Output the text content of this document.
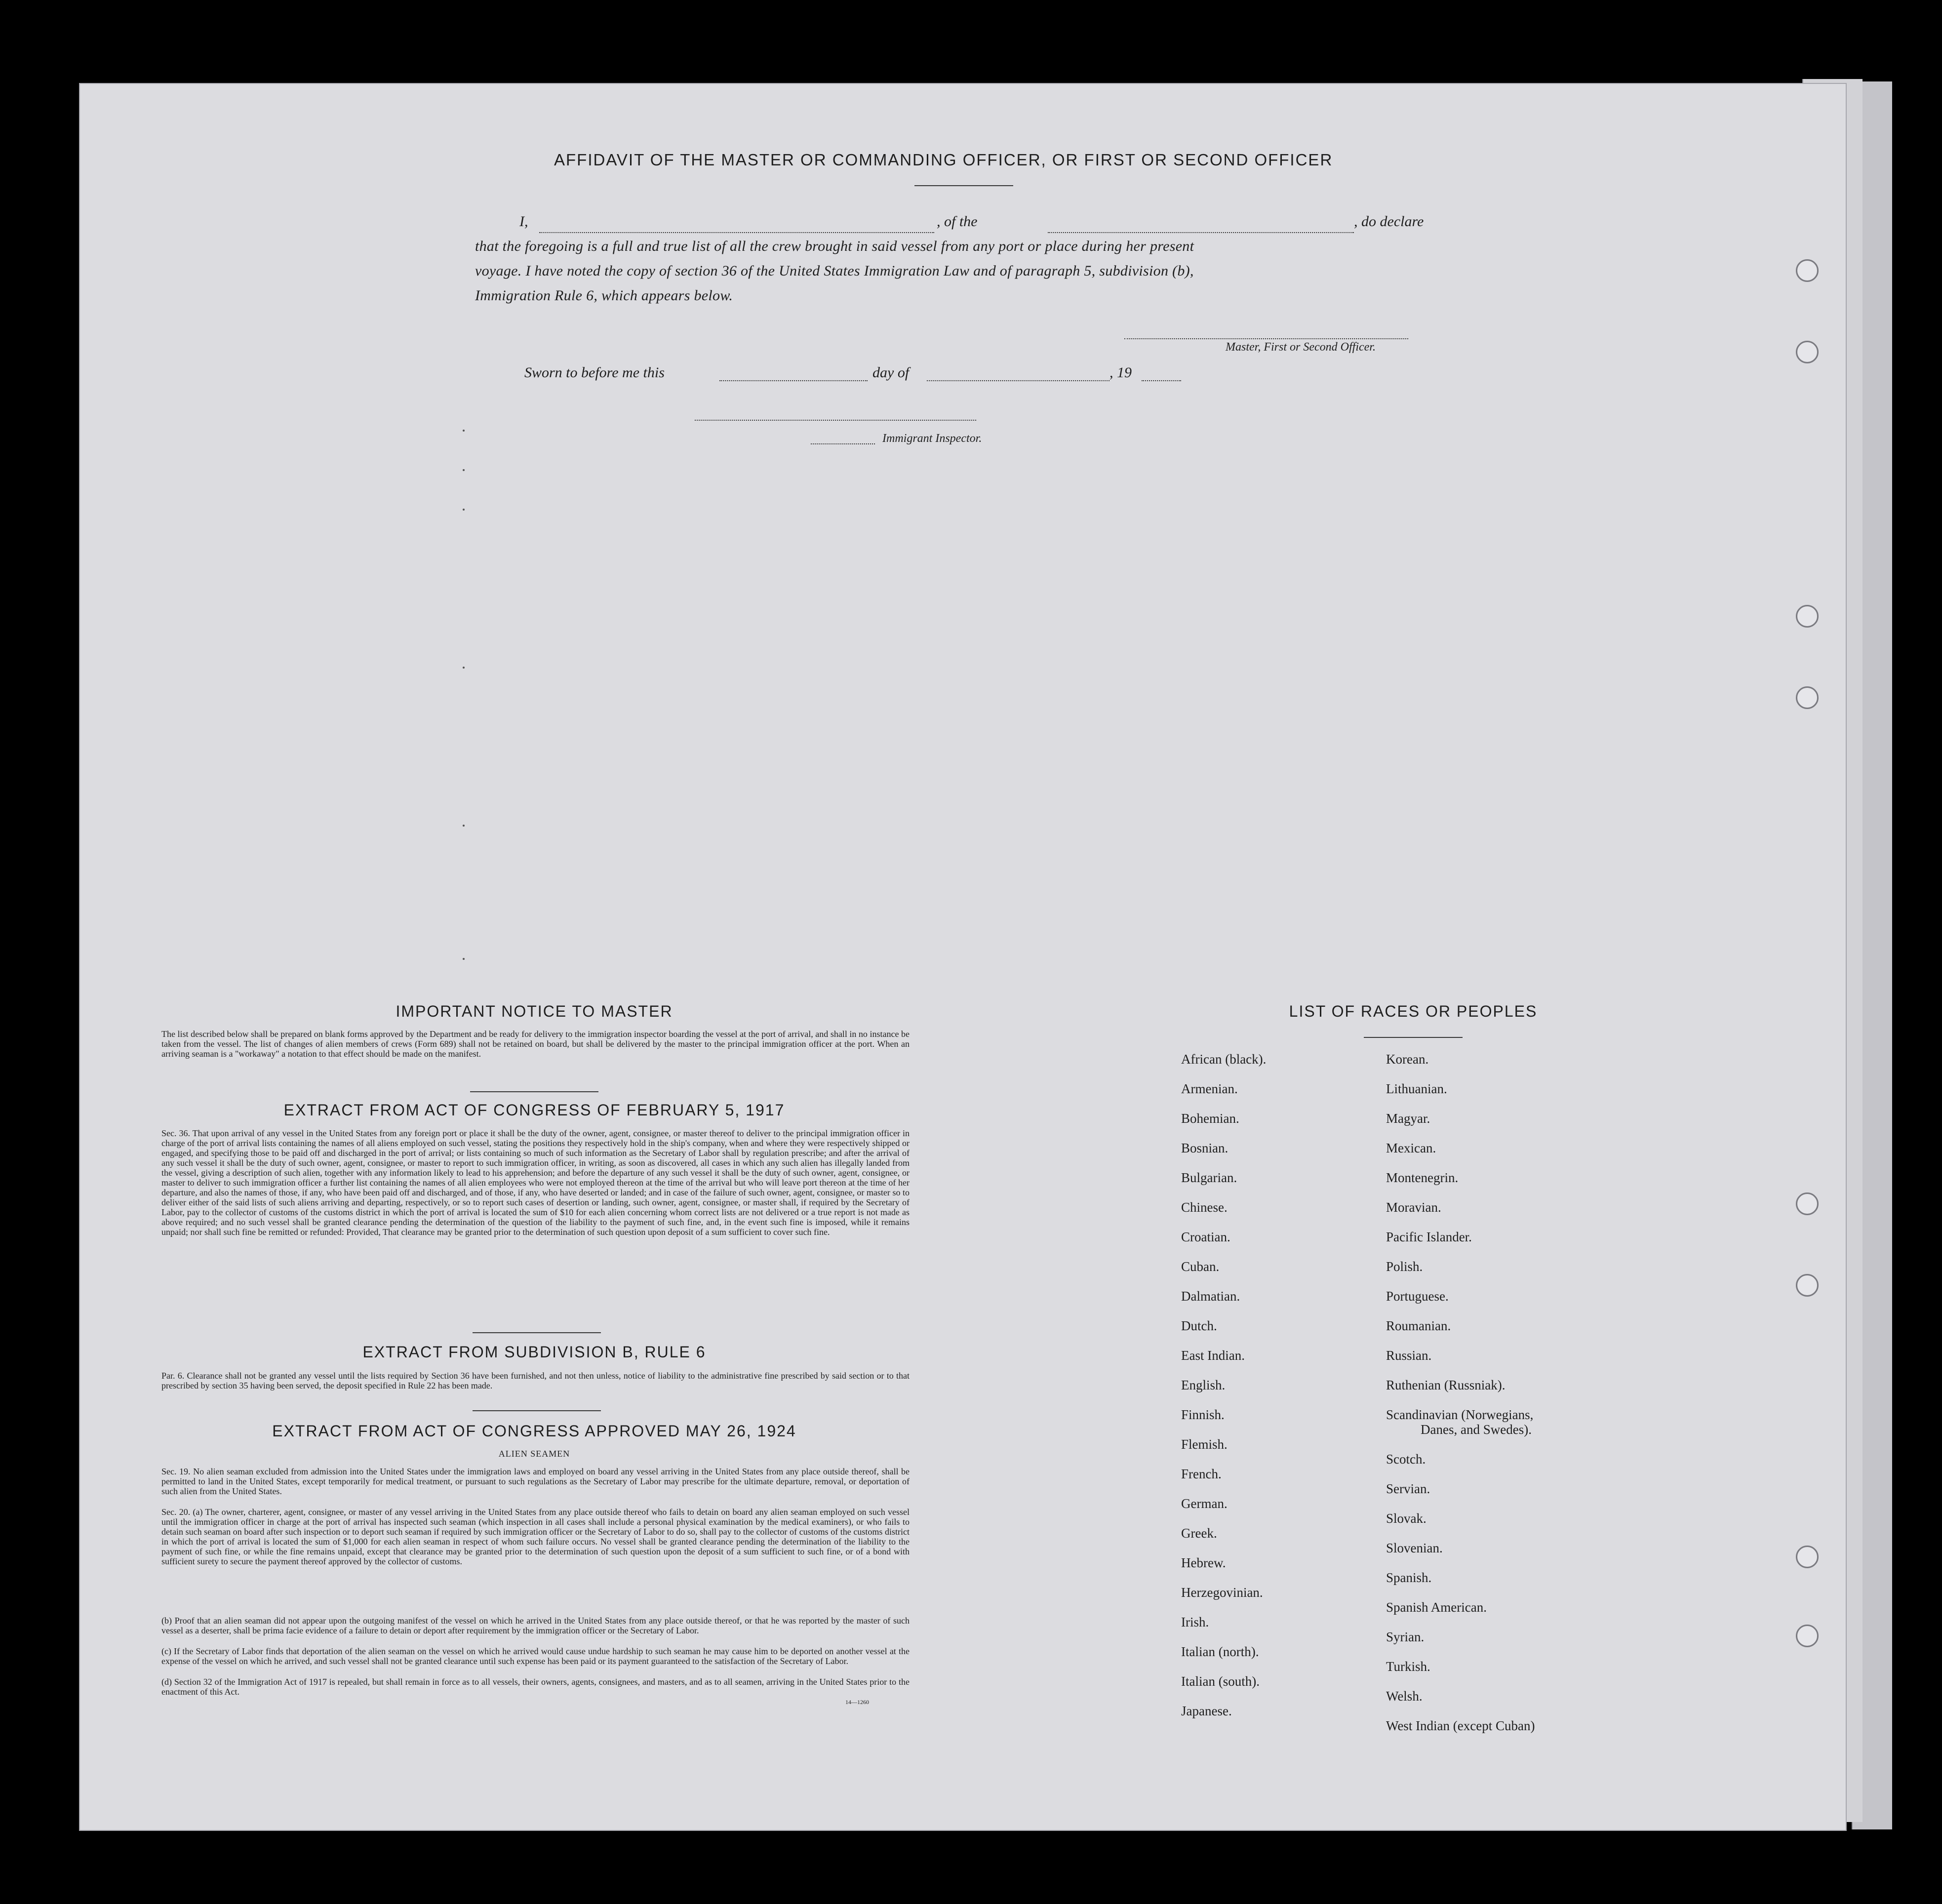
AFFIDAVIT OF THE MASTER OR COMMANDING OFFICER, OR FIRST OR SECOND OFFICER
I,	, of the	, do declare
that the foregoing is a full and true list of all the crew brought in said vessel from any port or place during her present
voyage. I have noted the copy of section 36 of the United States Immigration Law and of paragraph 5, subdivision (b),
Immigration Rule 6, which appears below.
Master, First or Second Officer.
Sworn to before me this	day of	, 19
Immigrant Inspector.
IMPORTANT NOTICE TO MASTER
The list described below shall be prepared on blank forms approved by the Department and be ready for delivery to the immigration inspector boarding the vessel at the port of arrival, and shall in no instance be taken from the vessel. The list of changes of alien members of crews (Form 689) shall not be retained on board, but shall be delivered by the master to the principal immigration officer at the port. When an arriving seaman is a "workaway" a notation to that effect should be made on the manifest.
EXTRACT FROM ACT OF CONGRESS OF FEBRUARY 5, 1917
Sec. 36. That upon arrival of any vessel in the United States from any foreign port or place it shall be the duty of the owner, agent, consignee, or master thereof to deliver to the principal immigration officer in charge of the port of arrival lists containing the names of all aliens employed on such vessel, stating the positions they respectively hold in the ship's company, when and where they were respectively shipped or engaged, and specifying those to be paid off and discharged in the port of arrival; or lists containing so much of such information as the Secretary of Labor shall by regulation prescribe; and after the arrival of any such vessel it shall be the duty of such owner, agent, consignee, or master to report to such immigration officer, in writing, as soon as discovered, all cases in which any such alien has illegally landed from the vessel, giving a description of such alien, together with any information likely to lead to his apprehension; and before the departure of any such vessel it shall be the duty of such owner, agent, consignee, or master to deliver to such immigration officer a further list containing the names of all alien employees who were not employed thereon at the time of the arrival but who will leave port thereon at the time of her departure, and also the names of those, if any, who have been paid off and discharged, and of those, if any, who have deserted or landed; and in case of the failure of such owner, agent, consignee, or master so to deliver either of the said lists of such aliens arriving and departing, respectively, or so to report such cases of desertion or landing, such owner, agent, consignee, or master shall, if required by the Secretary of Labor, pay to the collector of customs of the customs district in which the port of arrival is located the sum of $10 for each alien concerning whom correct lists are not delivered or a true report is not made as above required; and no such vessel shall be granted clearance pending the determination of the question of the liability to the payment of such fine, and, in the event such fine is imposed, while it remains unpaid; nor shall such fine be remitted or refunded: Provided, That clearance may be granted prior to the determination of such question upon deposit of a sum sufficient to cover such fine.
EXTRACT FROM SUBDIVISION B, RULE 6
Par. 6. Clearance shall not be granted any vessel until the lists required by Section 36 have been furnished, and not then unless, notice of liability to the administrative fine prescribed by said section or to that prescribed by section 35 having been served, the deposit specified in Rule 22 has been made.
EXTRACT FROM ACT OF CONGRESS APPROVED MAY 26, 1924
ALIEN SEAMEN
Sec. 19. No alien seaman excluded from admission into the United States under the immigration laws and employed on board any vessel arriving in the United States from any place outside thereof, shall be permitted to land in the United States, except temporarily for medical treatment, or pursuant to such regulations as the Secretary of Labor may prescribe for the ultimate departure, removal, or deportation of such alien from the United States.
Sec. 20. (a) The owner, charterer, agent, consignee, or master of any vessel arriving in the United States from any place outside thereof who fails to detain on board any alien seaman employed on such vessel until the immigration officer in charge at the port of arrival has inspected such seaman (which inspection in all cases shall include a personal physical examination by the medical examiners), or who fails to detain such seaman on board after such inspection or to deport such seaman if required by such immigration officer or the Secretary of Labor to do so, shall pay to the collector of customs of the customs district in which the port of arrival is located the sum of $1,000 for each alien seaman in respect of whom such failure occurs. No vessel shall be granted clearance pending the determination of the liability to the payment of such fine, or while the fine remains unpaid, except that clearance may be granted prior to the determination of such question upon the deposit of a sum sufficient to such fine, or of a bond with sufficient surety to secure the payment thereof approved by the collector of customs.
(b) Proof that an alien seaman did not appear upon the outgoing manifest of the vessel on which he arrived in the United States from any place outside thereof, or that he was reported by the master of such vessel as a deserter, shall be prima facie evidence of a failure to detain or deport after requirement by the immigration officer or the Secretary of Labor.
(c) If the Secretary of Labor finds that deportation of the alien seaman on the vessel on which he arrived would cause undue hardship to such seaman he may cause him to be deported on another vessel at the expense of the vessel on which he arrived, and such vessel shall not be granted clearance until such expense has been paid or its payment guaranteed to the satisfaction of the Secretary of Labor.
(d) Section 32 of the Immigration Act of 1917 is repealed, but shall remain in force as to all vessels, their owners, agents, consignees, and masters, and as to all seamen, arriving in the United States prior to the enactment of this Act.
14—1260
LIST OF RACES OR PEOPLES
African (black).
Armenian.
Bohemian.
Bosnian.
Bulgarian.
Chinese.
Croatian.
Cuban.
Dalmatian.
Dutch.
East Indian.
English.
Finnish.
Flemish.
French.
German.
Greek.
Hebrew.
Herzegovinian.
Irish.
Italian (north).
Italian (south).
Japanese.
Korean.
Lithuanian.
Magyar.
Mexican.
Montenegrin.
Moravian.
Pacific Islander.
Polish.
Portuguese.
Roumanian.
Russian.
Ruthenian (Russniak).
Scandinavian (Norwegians,
Danes, and Swedes).
Scotch.
Servian.
Slovak.
Slovenian.
Spanish.
Spanish American.
Syrian.
Turkish.
Welsh.
West Indian (except Cuban)
